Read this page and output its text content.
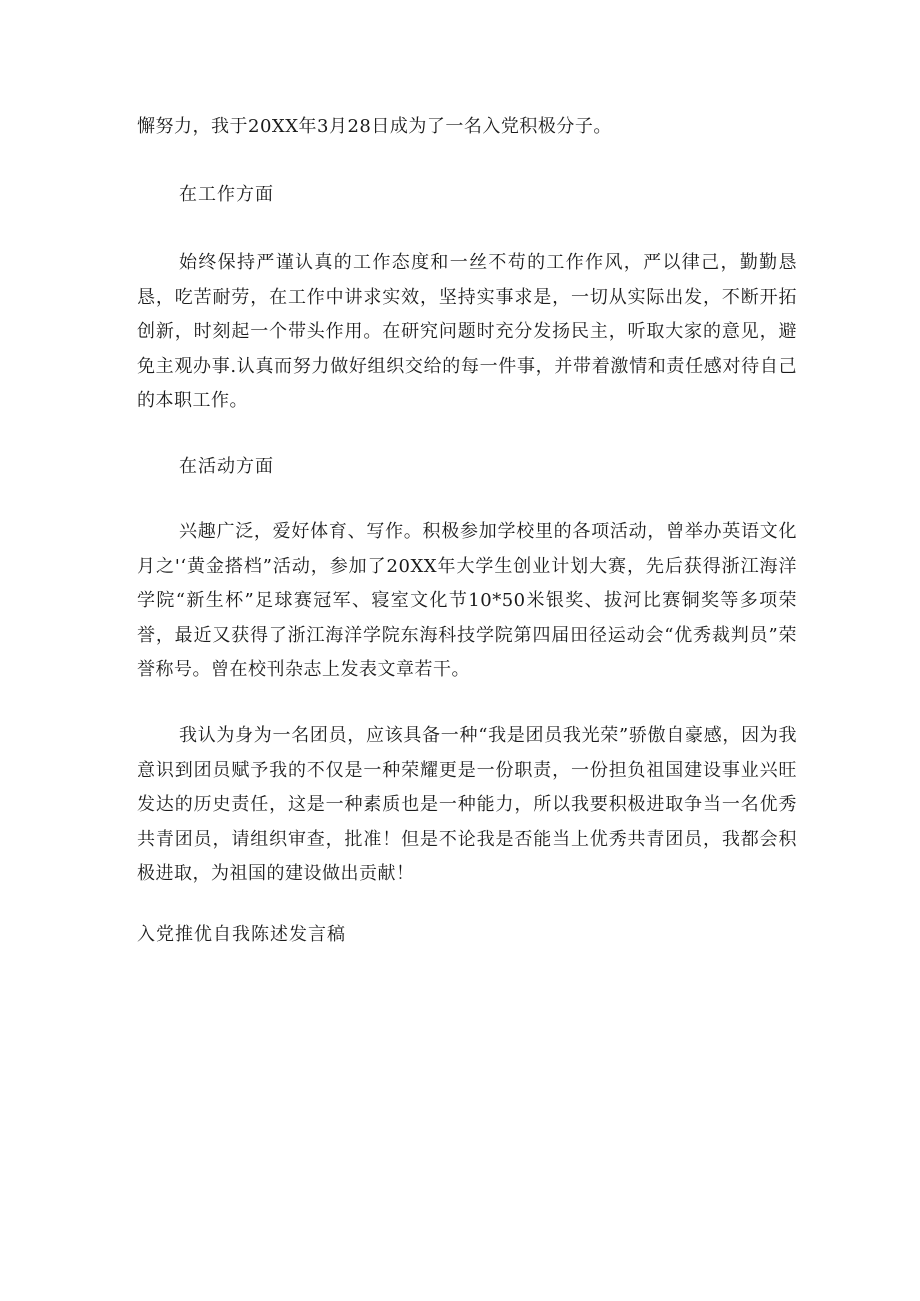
懈努力，我于20XX年3月28日成为了一名入党积极分子。

在工作方面

始终保持严谨认真的工作态度和一丝不苟的工作作风，严以律己，勤勤恳恳，吃苦耐劳，在工作中讲求实效，坚持实事求是，一切从实际出发，不断开拓创新，时刻起一个带头作用。在研究问题时充分发扬民主，听取大家的意见，避免主观办事.认真而努力做好组织交给的每一件事，并带着激情和责任感对待自己的本职工作。

在活动方面

兴趣广泛，爱好体育、写作。积极参加学校里的各项活动，曾举办英语文化月之'‘黄金搭档”活动，参加了20XX年大学生创业计划大赛，先后获得浙江海洋学院“新生杯”足球赛冠军、寝室文化节10*50米银奖、拔河比赛铜奖等多项荣誉，最近又获得了浙江海洋学院东海科技学院第四届田径运动会“优秀裁判员”荣誉称号。曾在校刊杂志上发表文章若干。

我认为身为一名团员，应该具备一种“我是团员我光荣”骄傲自豪感，因为我意识到团员赋予我的不仅是一种荣耀更是一份职责，一份担负祖国建设事业兴旺发达的历史责任，这是一种素质也是一种能力，所以我要积极进取争当一名优秀共青团员，请组织审查，批准！但是不论我是否能当上优秀共青团员，我都会积极进取，为祖国的建设做出贡献！

入党推优自我陈述发言稿
